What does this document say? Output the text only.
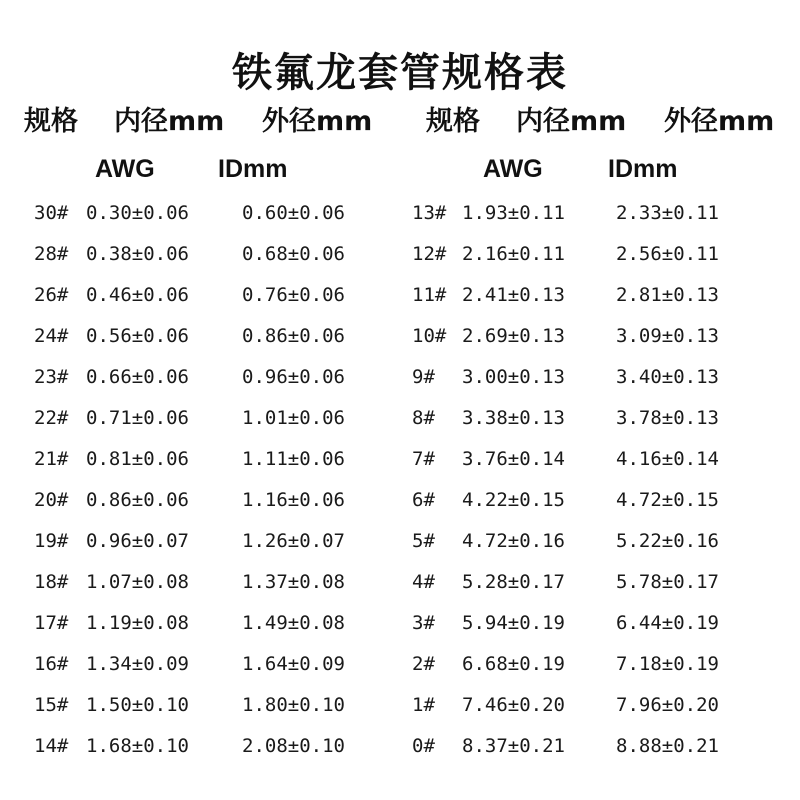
铁氟龙套管规格表
规格 内径mm 外径mm
AWG	IDmm
规格 内径mm 外径mm
AWG	IDmm
30# 0.30±0.06	0.60±0.06	13# 1.93±0.11	2.33±0.11
28# 0.38±0.06	0.68±0.06	12# 2.16±0.11	2.56±0.11
26# 0.46±0.06	0.76±0.06	11# 2.41±0.13	2.81±0.13
24# 0.56±0.06	0.86±0.06	10# 2.69±0.13	3.09±0.13
23# 0.66±0.06	0.96±0.06	9# 3.00±0.13	3.40±0.13
22# 0.71±0.06	1.01±0.06	8# 3.38±0.13	3.78±0.13
21# 0.81±0.06	1.11±0.06	7# 3.76±0.14	4.16±0.14
20# 0.86±0.06	1.16±0.06	6# 4.22±0.15	4.72±0.15
19# 0.96±0.07	1.26±0.07	5# 4.72±0.16	5.22±0.16
18# 1.07±0.08	1.37±0.08	4# 5.28±0.17	5.78±0.17
17# 1.19±0.08	1.49±0.08	3# 5.94±0.19	6.44±0.19
16# 1.34±0.09	1.64±0.09	2# 6.68±0.19	7.18±0.19
15# 1.50±0.10	1.80±0.10	1# 7.46±0.20	7.96±0.20
14# 1.68±0.10	2.08±0.10	0# 8.37±0.21	8.88±0.21
